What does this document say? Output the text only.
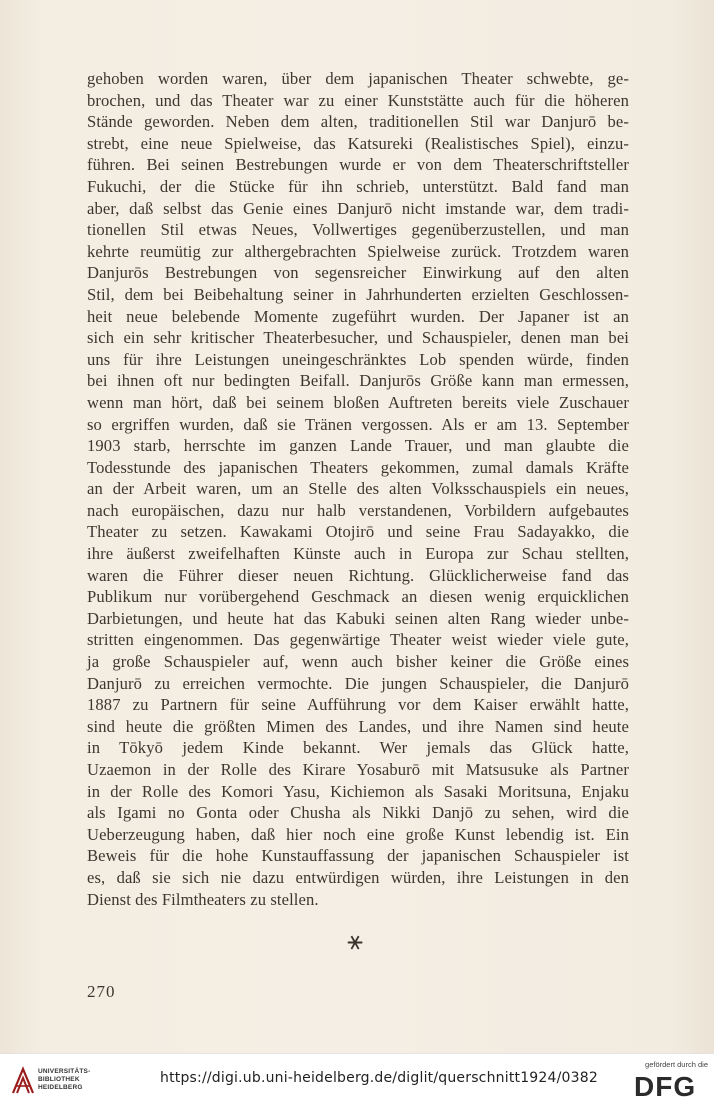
gehoben worden waren, über dem japanischen Theater schwebte, ge-
brochen, und das Theater war zu einer Kunststätte auch für die höheren
Stände geworden. Neben dem alten, traditionellen Stil war Danjurō be-
strebt, eine neue Spielweise, das Katsureki (Realistisches Spiel), einzu-
führen. Bei seinen Bestrebungen wurde er von dem Theaterschriftsteller
Fukuchi, der die Stücke für ihn schrieb, unterstützt. Bald fand man
aber, daß selbst das Genie eines Danjurō nicht imstande war, dem tradi-
tionellen Stil etwas Neues, Vollwertiges gegenüberzustellen, und man
kehrte reumütig zur althergebrachten Spielweise zurück. Trotzdem waren
Danjurōs Bestrebungen von segensreicher Einwirkung auf den alten
Stil, dem bei Beibehaltung seiner in Jahrhunderten erzielten Geschlossen-
heit neue belebende Momente zugeführt wurden. Der Japaner ist an
sich ein sehr kritischer Theaterbesucher, und Schauspieler, denen man bei
uns für ihre Leistungen uneingeschränktes Lob spenden würde, finden
bei ihnen oft nur bedingten Beifall. Danjurōs Größe kann man ermessen,
wenn man hört, daß bei seinem bloßen Auftreten bereits viele Zuschauer
so ergriffen wurden, daß sie Tränen vergossen. Als er am 13. September
1903 starb, herrschte im ganzen Lande Trauer, und man glaubte die
Todesstunde des japanischen Theaters gekommen, zumal damals Kräfte
an der Arbeit waren, um an Stelle des alten Volksschauspiels ein neues,
nach europäischen, dazu nur halb verstandenen, Vorbildern aufgebautes
Theater zu setzen. Kawakami Otojirō und seine Frau Sadayakko, die
ihre äußerst zweifelhaften Künste auch in Europa zur Schau stellten,
waren die Führer dieser neuen Richtung. Glücklicherweise fand das
Publikum nur vorübergehend Geschmack an diesen wenig erquicklichen
Darbietungen, und heute hat das Kabuki seinen alten Rang wieder unbe-
stritten eingenommen. Das gegenwärtige Theater weist wieder viele gute,
ja große Schauspieler auf, wenn auch bisher keiner die Größe eines
Danjurō zu erreichen vermochte. Die jungen Schauspieler, die Danjurō
1887 zu Partnern für seine Aufführung vor dem Kaiser erwählt hatte,
sind heute die größten Mimen des Landes, und ihre Namen sind heute
in Tōkyō jedem Kinde bekannt. Wer jemals das Glück hatte,
Uzaemon in der Rolle des Kirare Yosaburō mit Matsusuke als Partner
in der Rolle des Komori Yasu, Kichiemon als Sasaki Moritsuna, Enjaku
als Igami no Gonta oder Chusha als Nikki Danjō zu sehen, wird die
Ueberzeugung haben, daß hier noch eine große Kunst lebendig ist. Ein
Beweis für die hohe Kunstauffassung der japanischen Schauspieler ist
es, daß sie sich nie dazu entwürdigen würden, ihre Leistungen in den
Dienst des Filmtheaters zu stellen.
⚹
270
UNIVERSITÄTS-
BIBLIOTHEK
HEIDELBERG
https://digi.ub.uni-heidelberg.de/diglit/querschnitt1924/0382
gefördert durch die
DFG
